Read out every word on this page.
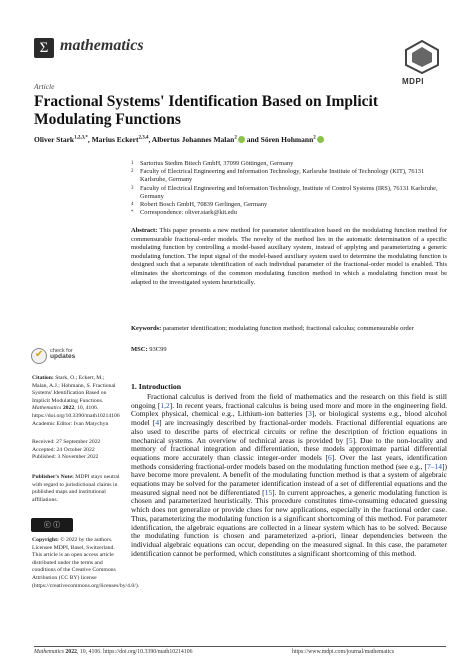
Σ mathematics
MDPI
Article
Fractional Systems' Identification Based on Implicit Modulating Functions
Oliver Stark$^{1,2,3,*}$, Marius Eckert$^{2,3,4}$, Albertus Johannes Malan$^2$ and Sören Hohmann$^2$
1	Sartorius Stedim Bitech GmbH, 37099 Göttingen, Germany
2	Faculty of Electrical Engineering and Information Technology, Karlsruhe Institute of Technology (KIT), 76131 Karlsruhe, Germany
3	Faculty of Electrical Engineering and Information Technology, Institute of Control Systems (IRS), 76131 Karlsruhe, Germany
4	Robert Bosch GmbH, 70839 Gerlingen, Germany
*	Correspondence: oliver.stark@kit.edu
Abstract: This paper presents a new method for parameter identification based on the modulating function method for commensurable fractional-order models. The novelty of the method lies in the automatic determination of a specific modulating function by controlling a model-based auxiliary system, instead of applying and parameterizing a generic modulating function. The input signal of the model-based auxiliary system used to determine the modulating function is designed such that a separate identification of each individual parameter of the fractional-order model is enabled. This eliminates the shortcomings of the common modulating function method in which a modulating function must be adapted to the investigated system heuristically.
Keywords: parameter identification; modulating function method; fractional calculus; commensurable order
MSC: 93C99
✔ check for
updates
Citation: Stark, O.; Eckert, M.; Malan, A.J.; Hohmann, S. Fractional Systems' Identification Based on Implicit Modulating Functions. Mathematics 2022, 10, 4106. https://doi.org/10.3390/math10214106
Academic Editor: Ivan Matychyn
Received: 27 September 2022
Accepted: 24 October 2022
Published: 3 November 2022
Publisher's Note: MDPI stays neutral with regard to jurisdictional claims in published maps and institutional affiliations.
ⓒ ⓘ
Copyright: © 2022 by the authors. Licensee MDPI, Basel, Switzerland. This article is an open access article distributed under the terms and conditions of the Creative Commons Attribution (CC BY) license (https://creativecommons.org/licenses/by/4.0/).
1. Introduction
Fractional calculus is derived from the field of mathematics and the research on this field is still ongoing [1,2]. In recent years, fractional calculus is being used more and more in the engineering field. Complex physical, chemical e.g., Lithium-ion batteries [3], or biological systems e.g., blood alcohol model [4] are increasingly described by fractional-order models. Fractional differential equations are also used to describe parts of electrical circuits or refine the description of friction equations in mechanical systems. An overview of technical areas is provided by [5]. Due to the non-locality and memory of fractional integration and differentiation, these models approximate partial differential equations more accurately than classic integer-order models [6]. Over the last years, identification methods considering fractional-order models based on the modulating function method (see e.g., [7–14]) have become more prevalent. A benefit of the modulating function method is that a system of algebraic equations may be solved for the parameter identification instead of a set of differential equations and the measured signal need not be differentiated [15]. In current approaches, a generic modulating function is chosen and parameterized heuristically. This procedure constitutes time-consuming educated guessing which does not generalize or provide clues for new applications, especially in the fractional order case. Thus, parameterizing the modulating function is a significant shortcoming of this method. For parameter identification, the algebraic equations are collected in a linear system which has to be solved. Because the modulating function is chosen and parameterized a-priori, linear dependencies between the individual algebraic equations can occur, depending on the measured signal. In this case, the parameter identification cannot be performed, which constitutes a significant shortcoming of this method.
Mathematics 2022, 10, 4106. https://doi.org/10.3390/math10214106	https://www.mdpi.com/journal/mathematics
